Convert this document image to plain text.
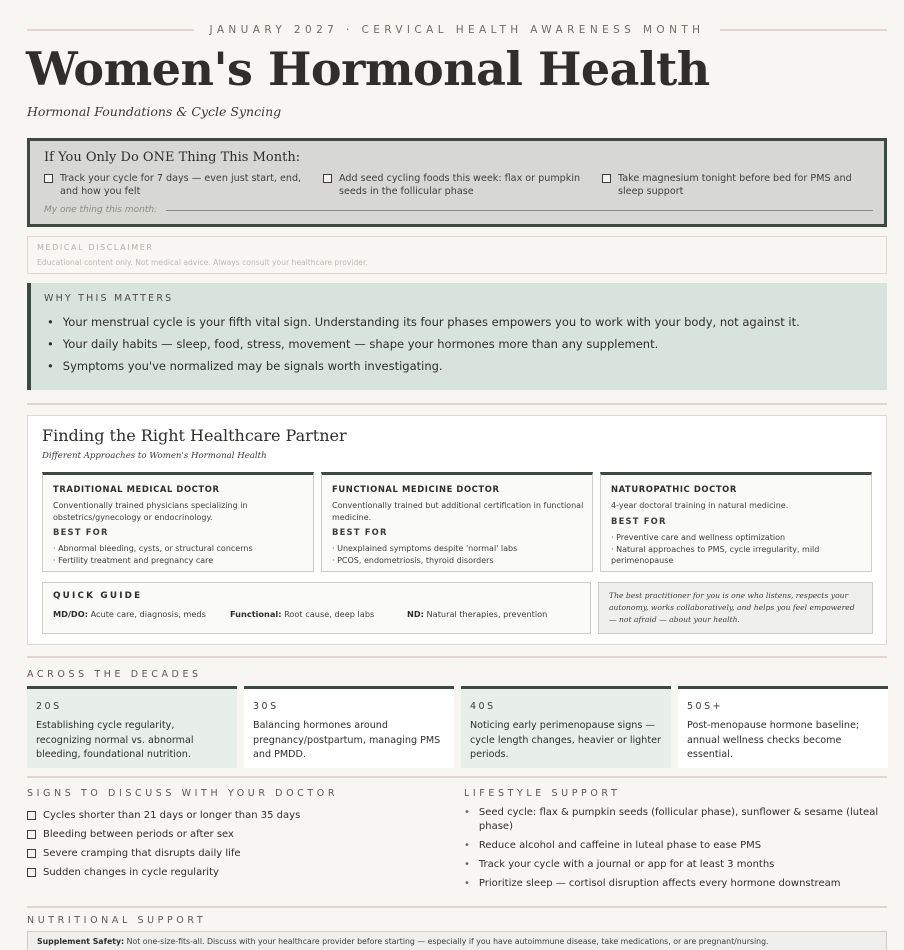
JANUARY 2027 · CERVICAL HEALTH AWARENESS MONTH
Women's Hormonal Health
Hormonal Foundations & Cycle Syncing
If You Only Do ONE Thing This Month:
Track your cycle for 7 days — even just start, end, and how you felt
Add seed cycling foods this week: flax or pumpkin seeds in the follicular phase
Take magnesium tonight before bed for PMS and sleep support
My one thing this month:
MEDICAL DISCLAIMER
Educational content only. Not medical advice. Always consult your healthcare provider.
WHY THIS MATTERS
• Your menstrual cycle is your fifth vital sign. Understanding its four phases empowers you to work with your body, not against it.
• Your daily habits — sleep, food, stress, movement — shape your hormones more than any supplement.
• Symptoms you've normalized may be signals worth investigating.
Finding the Right Healthcare Partner
Different Approaches to Women's Hormonal Health
TRADITIONAL MEDICAL DOCTOR
Conventionally trained physicians specializing in obstetrics/gynecology or endocrinology.
BEST FOR
· Abnormal bleeding, cysts, or structural concerns
· Fertility treatment and pregnancy care
FUNCTIONAL MEDICINE DOCTOR
Conventionally trained but additional certification in functional medicine.
BEST FOR
· Unexplained symptoms despite 'normal' labs
· PCOS, endometriosis, thyroid disorders
NATUROPATHIC DOCTOR
4-year doctoral training in natural medicine.
BEST FOR
· Preventive care and wellness optimization
· Natural approaches to PMS, cycle irregularity, mild perimenopause
QUICK GUIDE
MD/DO: Acute care, diagnosis, meds	Functional: Root cause, deep labs	ND: Natural therapies, prevention
The best practitioner for you is one who listens, respects your autonomy, works collaboratively, and helps you feel empowered — not afraid — about your health.
ACROSS THE DECADES
20S
Establishing cycle regularity, recognizing normal vs. abnormal bleeding, foundational nutrition.
30S
Balancing hormones around pregnancy/postpartum, managing PMS and PMDD.
40S
Noticing early perimenopause signs — cycle length changes, heavier or lighter periods.
50S+
Post-menopause hormone baseline; annual wellness checks become essential.
SIGNS TO DISCUSS WITH YOUR DOCTOR
Cycles shorter than 21 days or longer than 35 days
Bleeding between periods or after sex
Severe cramping that disrupts daily life
Sudden changes in cycle regularity
LIFESTYLE SUPPORT
• Seed cycle: flax & pumpkin seeds (follicular phase), sunflower & sesame (luteal phase)
• Reduce alcohol and caffeine in luteal phase to ease PMS
• Track your cycle with a journal or app for at least 3 months
• Prioritize sleep — cortisol disruption affects every hormone downstream
NUTRITIONAL SUPPORT
Supplement Safety: Not one-size-fits-all. Discuss with your healthcare provider before starting — especially if you have autoimmune disease, take medications, or are pregnant/nursing.
